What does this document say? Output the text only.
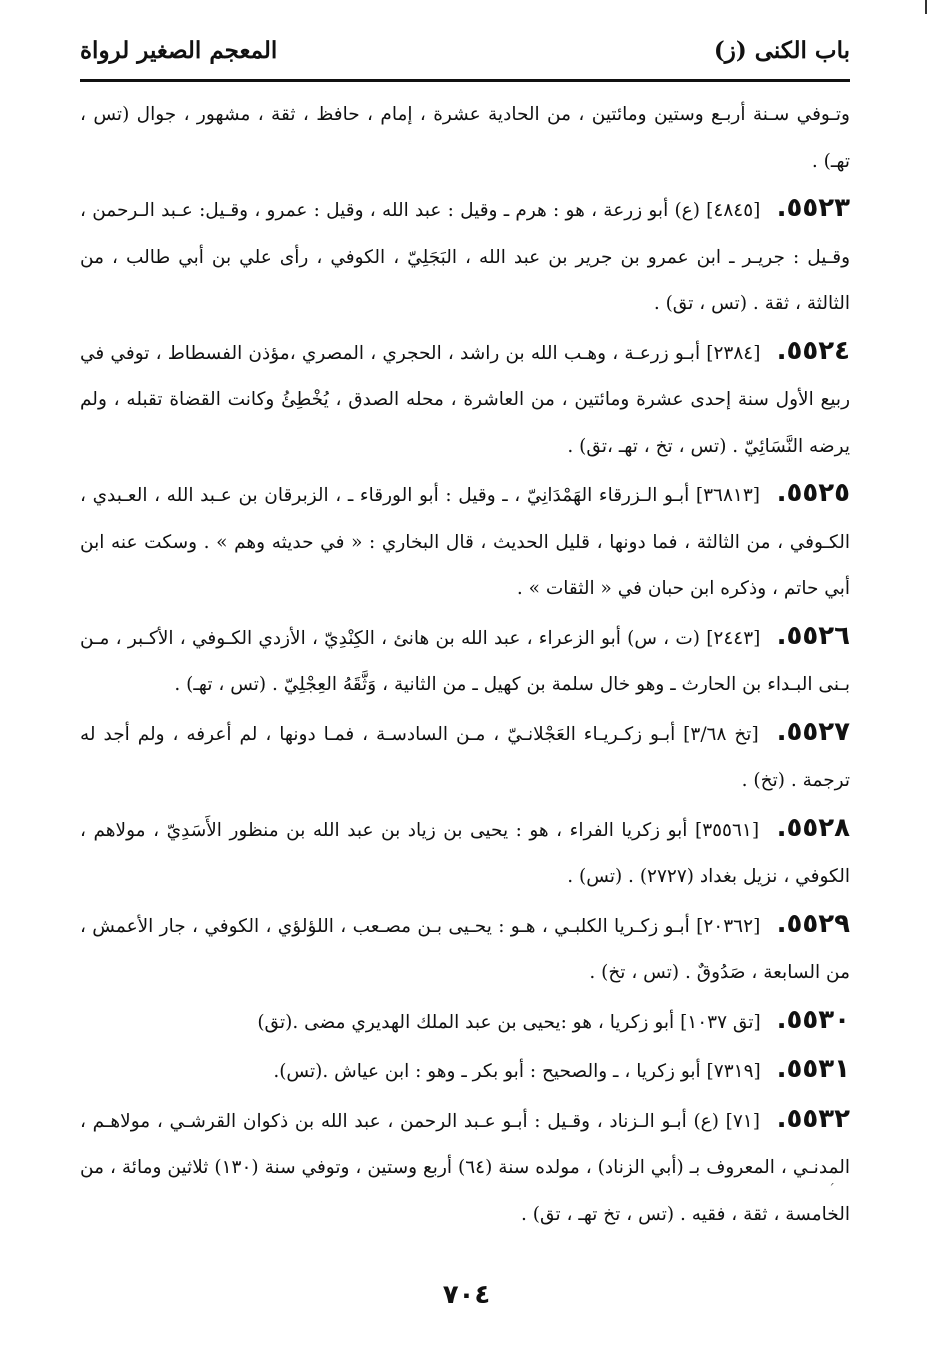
باب الكنى (ز)
المعجم الصغير لرواة

وتـوفي سـنة أربـع وستين ومائتين ، من الحادية عشرة ، إمام ، حافظ ، ثقة ، مشهور ، جوال (تس ، تهـ) .

٥٥٢٣. [٤٨٤٥] (ع) أبو زرعة ، هو : هرم ـ وقيل : عبد الله ، وقيل : عمرو ، وقـيل: عـبد الـرحمن ، وقـيل : جريـر ـ ابن عمرو بن جرير بن عبد الله ، البَجَلِيّ ، الكوفي ، رأى علي بن أبي طالب ، من الثالثة ، ثقة . (تس ، تق) .

٥٥٢٤. [٢٣٨٤] أبـو زرعـة ، وهـب الله بن راشد ، الحجري ، المصري ،مؤذن الفسطاط ، توفي في ربيع الأول سنة إحدى عشرة ومائتين ، من العاشرة ، محله الصدق ، يُخْطِئُ وكانت القضاة تقبله ، ولم يرضه النَّسَائِيّ . (تس ، تخ ، تهـ ،تق) .

٥٥٢٥. [٣٦٨١٣] أبـو الـزرقاء الهَمْدَانِيّ ، ـ وقيل : أبو الورقاء ـ ، الزبرقان بن عـبد الله ، العـبدي ، الكـوفي ، من الثالثة ، فما دونها ، قليل الحديث ، قال البخاري : « في حديثه وهم » . وسكت عنه ابن أبي حاتم ، وذكره ابن حبان في « الثقات » .

٥٥٢٦. [٢٤٤٣] (ت ، س) أبو الزعراء ، عبد الله بن هانئ ، الكِنْدِيّ ، الأزدي الكـوفي ، الأكـبر ، مـن بـنى البـداء بن الحارث ـ وهو خال سلمة بن كهيل ـ من الثانية ، وَثَّقَهُ العِجْلِيّ . (تس ، تهـ) .

٥٥٢٧. [تخ ٣/٦٨] أبـو زكـريـاء العَجْلانـيّ ، مـن السادسـة ، فمـا دونها ، لم أعرفه ، ولم أجد له ترجمة . (تخ) .

٥٥٢٨. [٣٥٥٦١] أبو زكريا الفراء ، هو : يحيى بن زياد بن عبد الله بن منظور الأَسَدِيّ ، مولاهم ، الكوفي ، نزيل بغداد (٢٧٢٧) . (تس) .

٥٥٢٩. [٢٠٣٦٢] أبـو زكـريا الكلبـي ، هـو : يحـيى بـن مصـعب ، اللؤلؤي ، الكوفي ، جار الأعمش ، من السابعة ، صَدُوقٌ . (تس ، تخ) .

٥٥٣٠. [تق ١٠٣٧] أبو زكريا ، هو :يحيى بن عبد الملك الهديري مضى .(تق)

٥٥٣١. [٧٣١٩] أبو زكريا ، ـ والصحيح : أبو بكر ـ وهو : ابن عياش .(تس).

٥٥٣٢. [٧١] (ع) أبـو الـزناد ، وقـيل : أبـو عـبد الرحمن ، عبد الله بن ذكوان القرشـي ، مولاهـم ، المدنـي ، المعروف بـ (أبي الزناد) ، مولده سنة (٦٤) أربع وستين ، وتوفي سنة (١٣٠) ثلاثين ومائة ، من الخامسة ، ثقة ، فقيه . (تس ، تخ تهـ ، تق) .

ˊ
٧٠٤
